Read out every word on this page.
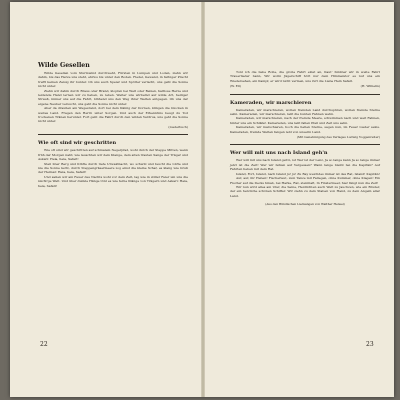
Wilde Gesellen

Wilde Gesellen vom Sturmwind durchweht, Fürsten in Lumpen und Loden, ziehn wir dahin, bis das Herze uns steht, ehrlos bis unter den Boden. Fiedel, Gewand, in farbiger Pracht trefft keinen Zeisig ihr bunter. Ob uns auch Speier und Spötter verlacht, uns geht die Sonne nicht unter.

Ziehn wir dahin durch Braus oder Brand, klopfen bei Welt oder Belzen, haltlose Herze und leidende Hand lernen wir zu lieben, zu leben. Weiter uns wirbelnd auf wilde Art, heiliger Strauß, immer uns auf die Fahrt, blühend uns den Weg ihrer Welten entgegen. Ob uns der eigene Neuber versucht, uns geht die Sonne nicht unter.

Aber da draußen am Wegesrand, dort bei dem Käinig der Dornen, klingen die Glocken in weites Land. Fragen den Herrn unter Sorgen. Und auch der Erkenntnis beugt du Tod trockenen Tränen herunter. Fort geht die Fahrt durch den wilden Verdrus, uns geht die Sonne nicht unter.

(Liederbuch)
Wie oft sind wir geschritten

Wie oft sind wir geschritten auf schmalem Negerpfad, wohl durch der Steppe Mitten, wenn früh der Morgen naht; wie lauschten wir dem Klange, dem alten trauten Sange der Träger und Askari: Heia, heia, Safari!

Steil über Berg und Klüfte durch tiefe Urwaldnacht, wo schwül und feucht die Lüfte und nie die Sonne lacht, durch Steppengräsermeere zog einst die kleine Schar, es klang wie Gruß der Heimat: Heia, heia, Safari!

Und saßen wir am Feuer des Nachts wohl vor dem Zelt, lag wie in stiller Feier um uns die nächt'ge Welt. Und über dunkle Hänge tönt es wie ferne Klänge von Trägern und Askari: Heia, heia, Safari!

22

Tont ich die liebe Rolle, die große Fahrt einst an, Kaut' hinüber wir in weite Fahrt Trauerlieder bann, Wir wolln Jägerschiff hört nur dem Himmelstor es nuf uns ein Wiedersehen, ein Kampf, er wird nicht vermen, uns ruft die Liebe Hein Safari.

(W. Ell)	(H. Wilhelm)
Kameraden, wir marschieren

Kameraden, wir marschieren, wollen fremden Land durchspüren, wollen fremde Sterne sehn. Kameraden, wir marschieren, laßt die bunten Fahnen wehn.

Kameraden, wir marschieren, nach der fremde Meere, schwimmen nach und weit Fahnen, hinter uns ein Schläfer. Kameraden, uns laßt fallen Pfeil und Zeit uns sehn.

Kameraden, wir marschieren, hoch die hellen Sterne, sagen nun, im Feuer Lieder seins. Kameraden, fremde Welten fangen lebt von unserm Land.

(Mit Genehmigung des Verlages Ludwig Voggenreiter)
Wer will mit uns nach Island geh'n

Wer will mit uns nach Island geh'n, ist Wer ist der Lenz, Ja so lange kann Ja so lange immer jetzt ist die Zeit! Wer wir fehlen auf Vergessen? Wann lange bleibt bei die Kapitän? Auf Fahrten heben mit dem Rat.

Island, Fort, Island, nach Island ju! ju! Zu Bay weichdes immer ist des Rat, Island! Kapitän!

Auf, auf, ihr Heben! Fischerleut, zum Tanze mit Fallegen, ohne Kummer, ohne Klagen! Ein Fischer auf die Decks hinab, bei Harke, Rat, steinhaft, In Finstermeer, hier fängt nun die Zeit!

Wir nun wird alles am Ufer, die Seine, Heidlichten auch Welt zu Jauchzen, wie ein Bruder, der ein herzliche schönen Schiffer. Wir ziehn zu dem Staben von Hand, zu dem Angeln aller Land.

(Aus den Bündischen Liedsangen von Walther Hensel)
23
